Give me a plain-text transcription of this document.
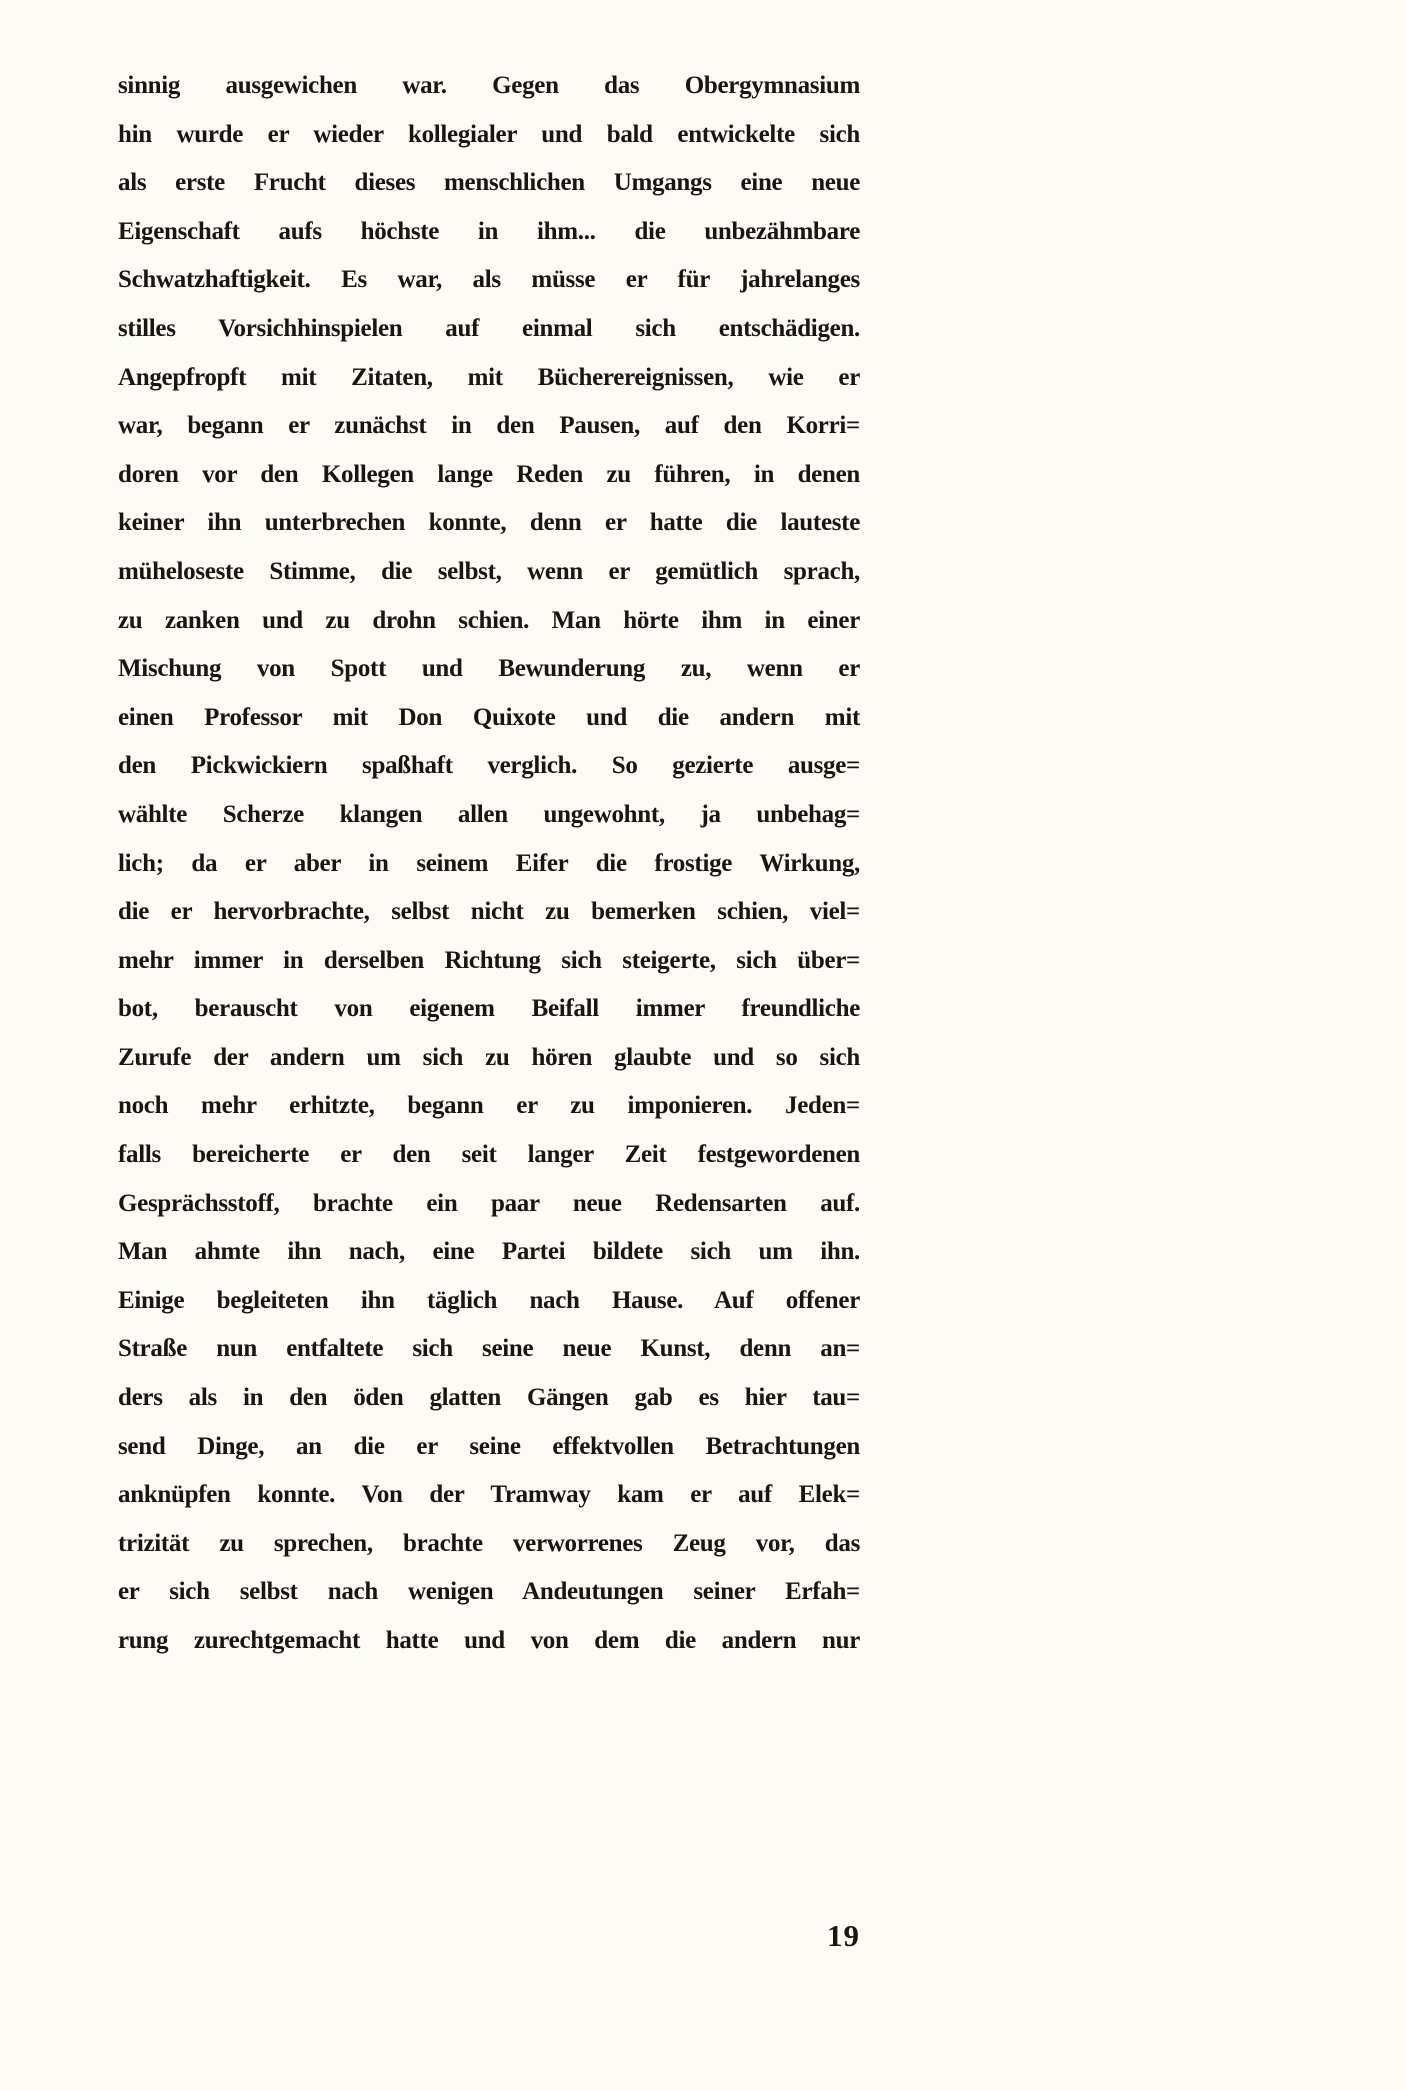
sinnig ausgewichen war. Gegen das Obergymnasium
hin wurde er wieder kollegialer und bald entwickelte sich
als erste Frucht dieses menschlichen Umgangs eine neue
Eigenschaft aufs höchste in ihm... die unbezähmbare
Schwatzhaftigkeit. Es war, als müsse er für jahrelanges
stilles Vorsichhinspielen auf einmal sich entschädigen.
Angepfropft mit Zitaten, mit Bücherereignissen, wie er
war, begann er zunächst in den Pausen, auf den Korri=
doren vor den Kollegen lange Reden zu führen, in denen
keiner ihn unterbrechen konnte, denn er hatte die lauteste
müheloseste Stimme, die selbst, wenn er gemütlich sprach,
zu zanken und zu drohn schien. Man hörte ihm in einer
Mischung von Spott und Bewunderung zu, wenn er
einen Professor mit Don Quixote und die andern mit
den Pickwickiern spaßhaft verglich. So gezierte ausge=
wählte Scherze klangen allen ungewohnt, ja unbehag=
lich; da er aber in seinem Eifer die frostige Wirkung,
die er hervorbrachte, selbst nicht zu bemerken schien, viel=
mehr immer in derselben Richtung sich steigerte, sich über=
bot, berauscht von eigenem Beifall immer freundliche
Zurufe der andern um sich zu hören glaubte und so sich
noch mehr erhitzte, begann er zu imponieren. Jeden=
falls bereicherte er den seit langer Zeit festgewordenen
Gesprächsstoff, brachte ein paar neue Redensarten auf.
Man ahmte ihn nach, eine Partei bildete sich um ihn.
Einige begleiteten ihn täglich nach Hause. Auf offener
Straße nun entfaltete sich seine neue Kunst, denn an=
ders als in den öden glatten Gängen gab es hier tau=
send Dinge, an die er seine effektvollen Betrachtungen
anknüpfen konnte. Von der Tramway kam er auf Elek=
trizität zu sprechen, brachte verworrenes Zeug vor, das
er sich selbst nach wenigen Andeutungen seiner Erfah=
rung zurechtgemacht hatte und von dem die andern nur
19
